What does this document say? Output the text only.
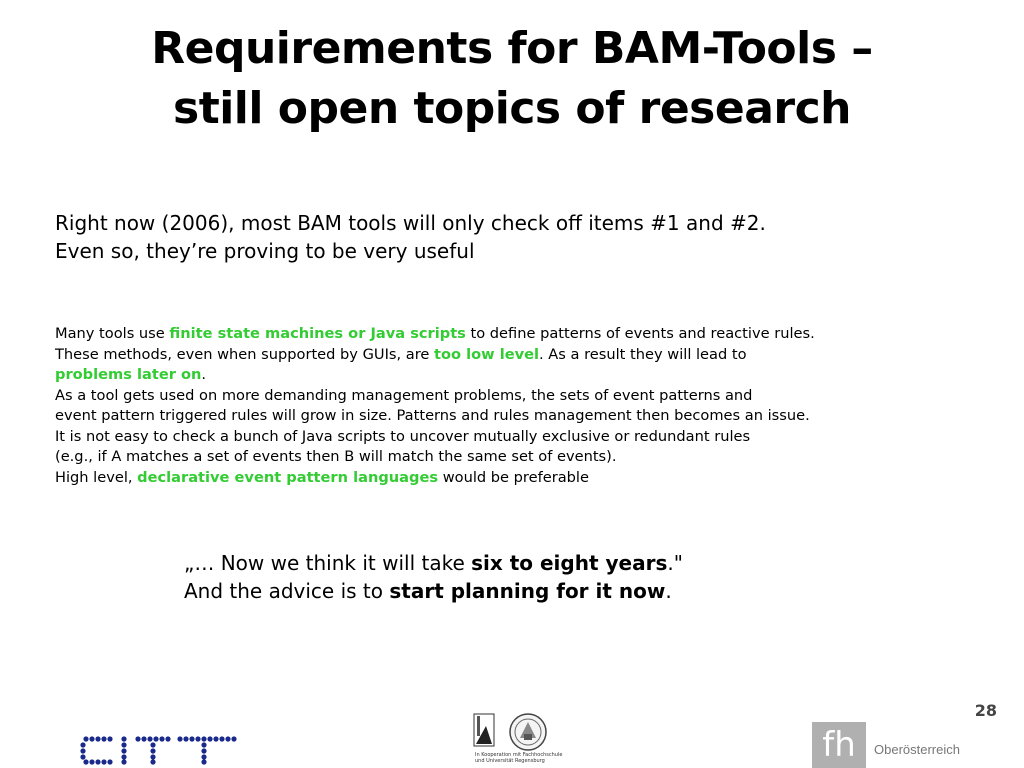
Requirements for BAM-Tools –
still open topics of research
Right now (2006), most BAM tools will only check off items #1 and #2.
Even so, they’re proving to be very useful
Many tools use finite state machines or Java scripts to define patterns of events and reactive rules.
These methods, even when supported by GUIs, are too low level. As a result they will lead to
problems later on.
As a tool gets used on more demanding management problems, the sets of event patterns and
event pattern triggered rules will grow in size. Patterns and rules management then becomes an issue.
It is not easy to check a bunch of Java scripts to uncover mutually exclusive or redundant rules
(e.g., if A matches a set of events then B will match the same set of events).
High level, declarative event pattern languages would be preferable
„… Now we think it will take six to eight years."
And the advice is to start planning for it now.
28
In Kooperation mit Fachhochschule
und Universität Regensburg	fh	Oberösterreich
